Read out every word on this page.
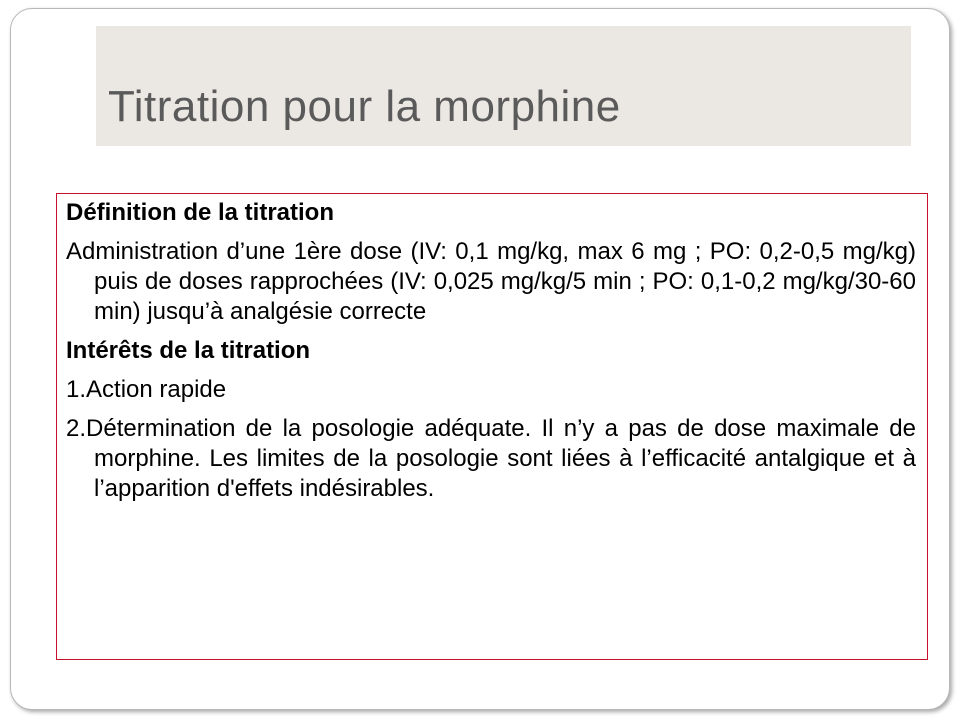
Titration pour la morphine

Définition de la titration

Administration d’une 1ère dose (IV: 0,1 mg/kg, max 6 mg ; PO: 0,2-0,5 mg/kg) puis de doses rapprochées (IV: 0,025 mg/kg/5 min ; PO: 0,1-0,2 mg/kg/30-60 min) jusqu’à analgésie correcte

Intérêts de la titration

1.Action rapide

2.Détermination de la posologie adéquate. Il n’y a pas de dose maximale de morphine. Les limites de la posologie sont liées à l’efficacité antalgique et à l’apparition d'effets indésirables.
